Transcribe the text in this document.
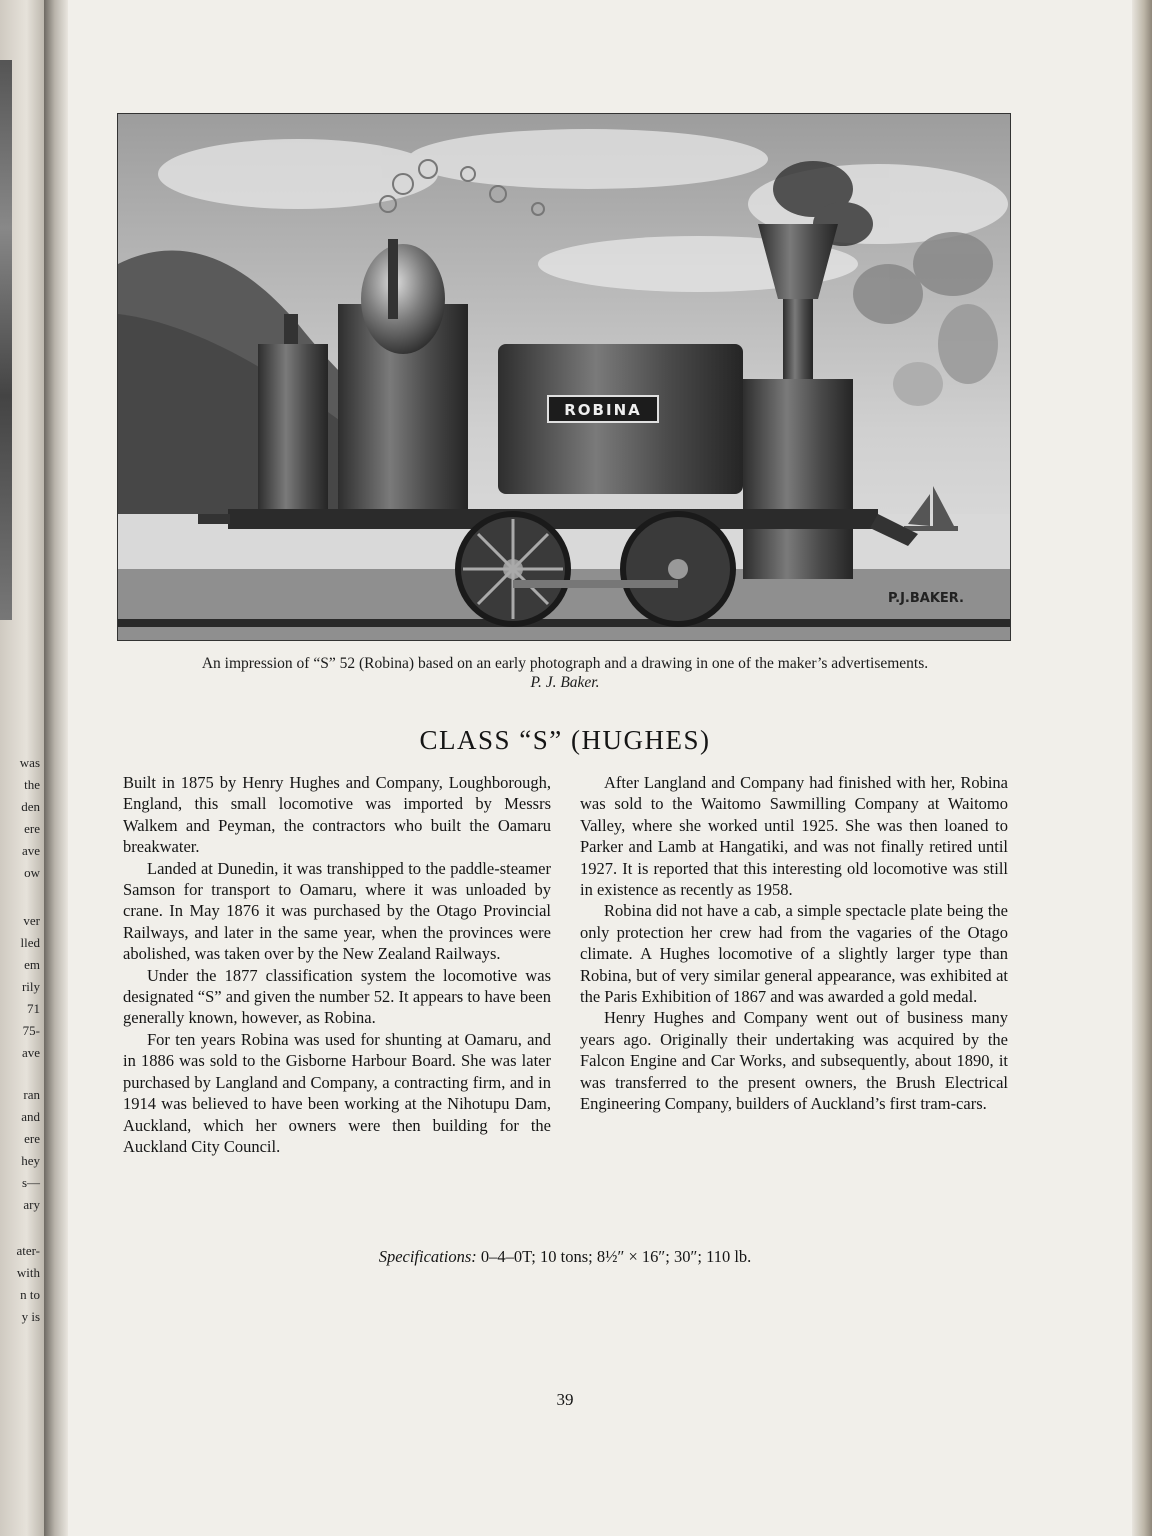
was
the
den
ere
ave
ow

ver
lled
em
rily
71
75-
ave

ran
and
ere
hey
s—
ary

ater-
with
n to
y is

ROBINA
P.J.BAKER.
An impression of “S” 52 (Robina) based on an early photograph and a drawing in one of the maker’s advertisements.
P. J. Baker.
CLASS “S” (HUGHES)

Built in 1875 by Henry Hughes and Company, Loughborough, England, this small locomotive was imported by Messrs Walkem and Peyman, the contractors who built the Oamaru breakwater.

Landed at Dunedin, it was transhipped to the paddle-steamer Samson for transport to Oamaru, where it was unloaded by crane. In May 1876 it was purchased by the Otago Provincial Railways, and later in the same year, when the provinces were abolished, was taken over by the New Zealand Railways.

Under the 1877 classification system the locomotive was designated “S” and given the number 52. It appears to have been generally known, however, as Robina.

For ten years Robina was used for shunting at Oamaru, and in 1886 was sold to the Gisborne Harbour Board. She was later purchased by Langland and Company, a contracting firm, and in 1914 was believed to have been working at the Nihotupu Dam, Auckland, which her owners were then building for the Auckland City Council.

After Langland and Company had finished with her, Robina was sold to the Waitomo Sawmilling Company at Waitomo Valley, where she worked until 1925. She was then loaned to Parker and Lamb at Hangatiki, and was not finally retired until 1927. It is reported that this interesting old locomotive was still in existence as recently as 1958.

Robina did not have a cab, a simple spectacle plate being the only protection her crew had from the vagaries of the Otago climate. A Hughes locomotive of a slightly larger type than Robina, but of very similar general appearance, was exhibited at the Paris Exhibition of 1867 and was awarded a gold medal.

Henry Hughes and Company went out of business many years ago. Originally their undertaking was acquired by the Falcon Engine and Car Works, and subsequently, about 1890, it was transferred to the present owners, the Brush Electrical Engineering Company, builders of Auckland’s first tram-cars.

Specifications: 0–4–0T; 10 tons; 8½″ × 16″; 30″; 110 lb.
39
